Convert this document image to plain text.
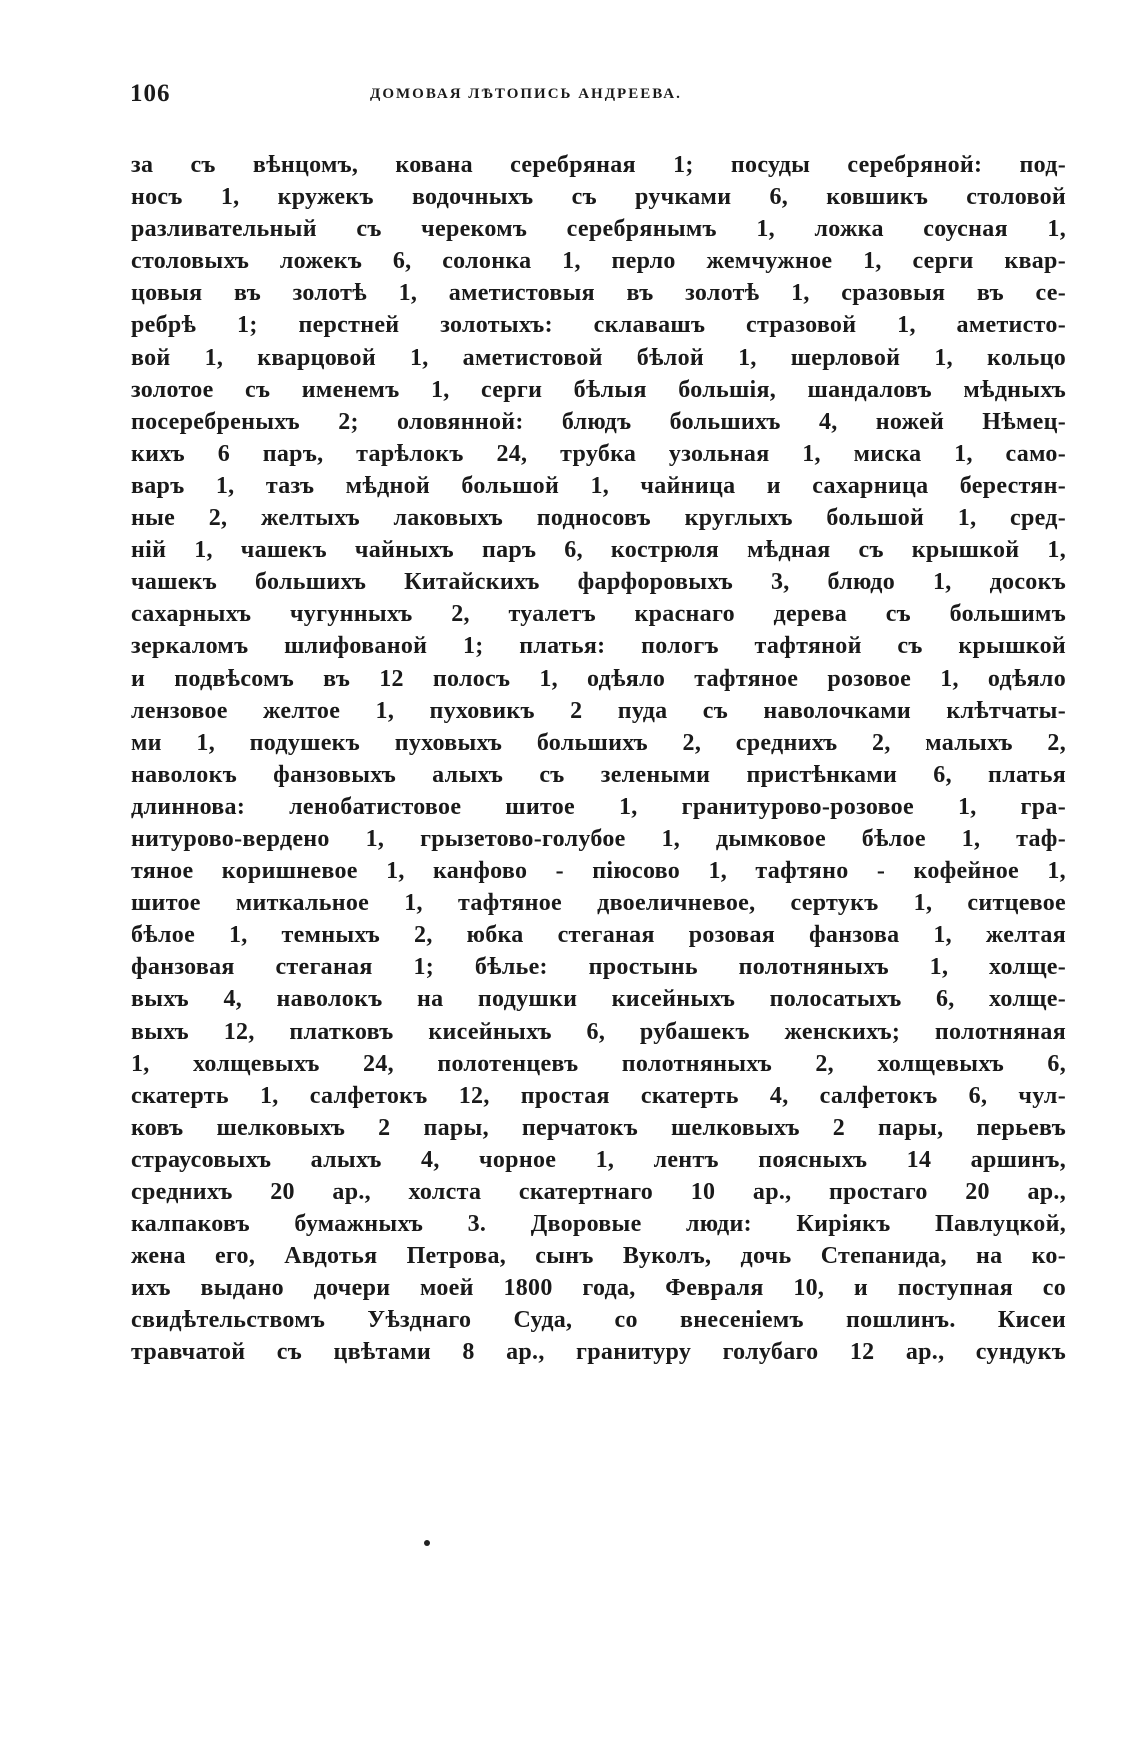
106	ДОМОВАЯ ЛѢТОПИСЬ АНДРЕЕВА.
за съ вѣнцомъ, кована серебряная 1; посуды серебряной: под-
носъ 1, кружекъ водочныхъ съ ручками 6, ковшикъ столовой
разливательный съ черекомъ серебрянымъ 1, ложка соусная 1,
столовыхъ ложекъ 6, солонка 1, перло жемчужное 1, серги квар-
цовыя въ золотѣ 1, аметистовыя въ золотѣ 1, сразовыя въ се-
ребрѣ 1; перстней золотыхъ: склавашъ стразовой 1, аметисто-
вой 1, кварцовой 1, аметистовой бѣлой 1, шерловой 1, кольцо
золотое съ именемъ 1, серги бѣлыя большія, шандаловъ мѣдныхъ
посеребреныхъ 2; оловянной: блюдъ большихъ 4, ножей Нѣмец-
кихъ 6 паръ, тарѣлокъ 24, трубка узольная 1, миска 1, само-
варъ 1, тазъ мѣдной большой 1, чайница и сахарница берестян-
ные 2, желтыхъ лаковыхъ подносовъ круглыхъ большой 1, сред-
ній 1, чашекъ чайныхъ паръ 6, кострюля мѣдная съ крышкой 1,
чашекъ большихъ Китайскихъ фарфоровыхъ 3, блюдо 1, досокъ
сахарныхъ чугунныхъ 2, туалетъ краснаго дерева съ большимъ
зеркаломъ шлифованой 1; платья: пологъ тафтяной съ крышкой
и подвѣсомъ въ 12 полосъ 1, одѣяло тафтяное розовое 1, одѣяло
лензовое желтое 1, пуховикъ 2 пуда съ наволочками клѣтчаты-
ми 1, подушекъ пуховыхъ большихъ 2, среднихъ 2, малыхъ 2,
наволокъ фанзовыхъ алыхъ съ зелеными пристѣнками 6, платья
длиннова: ленобатистовое шитое 1, гранитурово-розовое 1, гра-
нитурово-вердено 1, грызетово-голубое 1, дымковое бѣлое 1, таф-
тяное коришневое 1, канфово - піюсово 1, тафтяно - кофейное 1,
шитое миткальное 1, тафтяное двоеличневое, сертукъ 1, ситцевое
бѣлое 1, темныхъ 2, юбка стеганая розовая фанзова 1, желтая
фанзовая стеганая 1; бѣлье: простынь полотняныхъ 1, холще-
выхъ 4, наволокъ на подушки кисейныхъ полосатыхъ 6, холще-
выхъ 12, платковъ кисейныхъ 6, рубашекъ женскихъ; полотняная
1, холщевыхъ 24, полотенцевъ полотняныхъ 2, холщевыхъ 6,
скатерть 1, салфетокъ 12, простая скатерть 4, салфетокъ 6, чул-
ковъ шелковыхъ 2 пары, перчатокъ шелковыхъ 2 пары, перьевъ
страусовыхъ алыхъ 4, чорное 1, лентъ поясныхъ 14 аршинъ,
среднихъ 20 ар., холста скатертнаго 10 ар., простаго 20 ар.,
калпаковъ бумажныхъ 3. Дворовые люди: Киріякъ Павлуцкой,
жена его, Авдотья Петрова, сынъ Вуколъ, дочь Степанида, на ко-
ихъ выдано дочери моей 1800 года, Февраля 10, и поступная со
свидѣтельствомъ Уѣзднаго Суда, со внесеніемъ пошлинъ. Кисеи
травчатой съ цвѣтами 8 ар., гранитуру голубаго 12 ар., сундукъ
